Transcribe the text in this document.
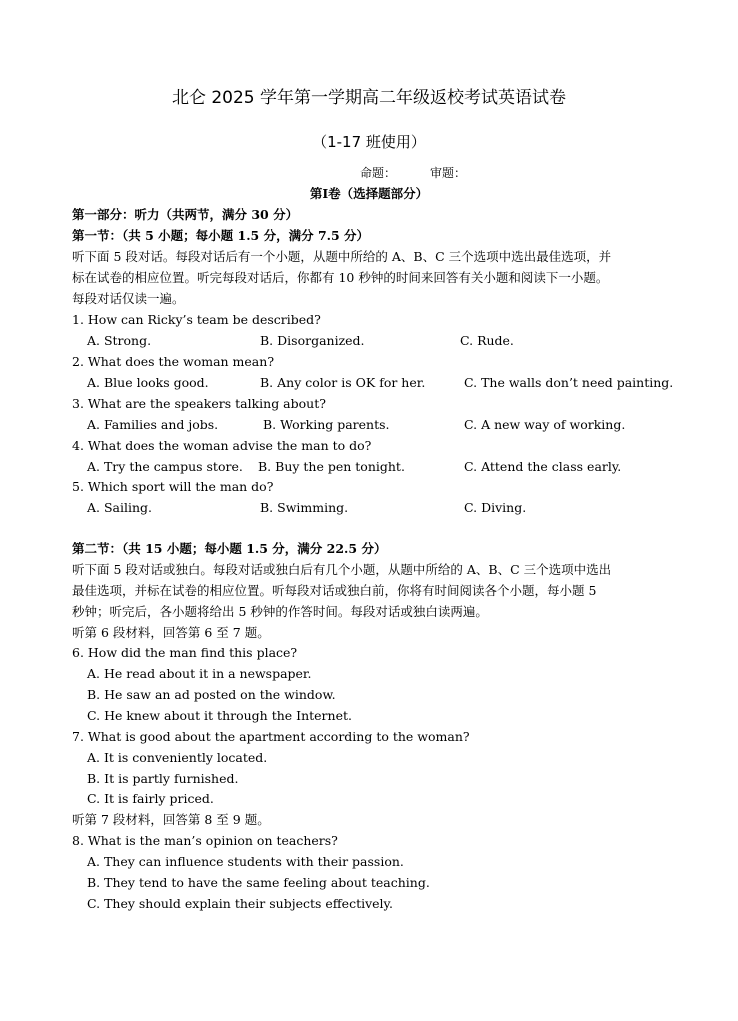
北仑 2025 学年第一学期高二年级返校考试英语试卷
（1-17 班使用）
命题：	审题：
第Ⅰ卷（选择题部分）
第一部分：听力（共两节，满分 30 分）
第一节：（共 5 小题；每小题 1.5 分，满分 7.5 分）
听下面 5 段对话。每段对话后有一个小题，从题中所给的 A、B、C 三个选项中选出最佳选项，并
标在试卷的相应位置。听完每段对话后，你都有 10 秒钟的时间来回答有关小题和阅读下一小题。
每段对话仅读一遍。
1. How can Ricky’s team be described?
A. Strong.	B. Disorganized.	C. Rude.
2. What does the woman mean?
A. Blue looks good.	B. Any color is OK for her.	C. The walls don’t need painting.
3. What are the speakers talking about?
A. Families and jobs.	B. Working parents.	C. A new way of working.
4. What does the woman advise the man to do?
A. Try the campus store. B. Buy the pen tonight.	C. Attend the class early.
5. Which sport will the man do?
A. Sailing.	B. Swimming.	C. Diving.
第二节：（共 15 小题；每小题 1.5 分，满分 22.5 分）
听下面 5 段对话或独白。每段对话或独白后有几个小题，从题中所给的 A、B、C 三个选项中选出
最佳选项，并标在试卷的相应位置。听每段对话或独白前，你将有时间阅读各个小题，每小题 5
秒钟；听完后，各小题将给出 5 秒钟的作答时间。每段对话或独白读两遍。
听第 6 段材料，回答第 6 至 7 题。
6. How did the man find this place?
A. He read about it in a newspaper.
B. He saw an ad posted on the window.
C. He knew about it through the Internet.
7. What is good about the apartment according to the woman?
A. It is conveniently located.
B. It is partly furnished.
C. It is fairly priced.
听第 7 段材料，回答第 8 至 9 题。
8. What is the man’s opinion on teachers?
A. They can influence students with their passion.
B. They tend to have the same feeling about teaching.
C. They should explain their subjects effectively.
